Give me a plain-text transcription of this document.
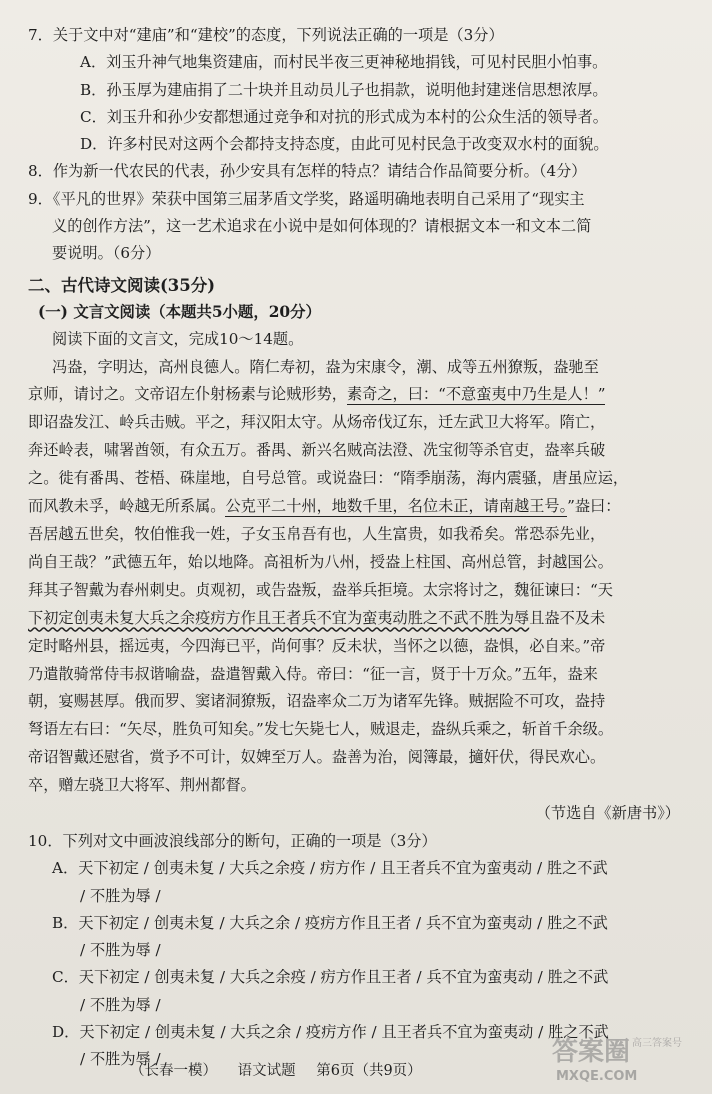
7．关于文中对“建庙”和“建校”的态度，下列说法正确的一项是（3分）
A．刘玉升神气地集资建庙，而村民半夜三更神秘地捐钱，可见村民胆小怕事。
B．孙玉厚为建庙捐了二十块并且动员儿子也捐款，说明他封建迷信思想浓厚。
C．刘玉升和孙少安都想通过竞争和对抗的形式成为本村的公众生活的领导者。
D．许多村民对这两个会都持支持态度，由此可见村民急于改变双水村的面貌。
8．作为新一代农民的代表，孙少安具有怎样的特点？请结合作品简要分析。（4分）
9．《平凡的世界》荣获中国第三届茅盾文学奖，路遥明确地表明自己采用了“现实主
义的创作方法”，这一艺术追求在小说中是如何体现的？请根据文本一和文本二简
要说明。（6分）
二、古代诗文阅读(35分)
(一) 文言文阅读（本题共5小题，20分）
阅读下面的文言文，完成10～14题。
冯盎，字明达，高州良德人。隋仁寿初，盎为宋康令，潮、成等五州獠叛，盎驰至
京师，请讨之。文帝诏左仆射杨素与论贼形势，素奇之，曰：“不意蛮夷中乃生是人！”
即诏盎发江、岭兵击贼。平之，拜汉阳太守。从炀帝伐辽东，迁左武卫大将军。隋亡，
奔还岭表，啸署酋领，有众五万。番禺、新兴名贼高法澄、冼宝彻等杀官吏，盎率兵破
之。徙有番禺、苍梧、硃崖地，自号总管。或说盎曰：“隋季崩荡，海内震骚，唐虽应运，
而风教未孚，岭越无所系属。公克平二十州，地数千里，名位未正，请南越王号。”盎曰：
吾居越五世矣，牧伯惟我一姓，子女玉帛吾有也，人生富贵，如我希矣。常恐忝先业，
尚自王哉？”武德五年，始以地降。高祖析为八州，授盎上柱国、高州总管，封越国公。
拜其子智戴为春州刺史。贞观初，或告盎叛，盎举兵拒境。太宗将讨之，魏征谏曰：“天
下初定创夷未复大兵之余疫疠方作且王者兵不宜为蛮夷动胜之不武不胜为辱且盎不及未
定时略州县，摇远夷，今四海已平，尚何事？反未状，当怀之以德，盎惧，必自来。”帝
乃遣散骑常侍韦叔谐喻盎，盎遣智戴入侍。帝曰：“征一言，贤于十万众。”五年，盎来
朝，宴赐甚厚。俄而罗、窦诸洞獠叛，诏盎率众二万为诸军先锋。贼据险不可攻，盎持
弩语左右曰：“矢尽，胜负可知矣。”发七矢毙七人，贼退走，盎纵兵乘之，斩首千余级。
帝诏智戴还慰省，赏予不可计，奴婢至万人。盎善为治，阅簿最，擿奸伏，得民欢心。
卒，赠左骁卫大将军、荆州都督。
（节选自《新唐书》）
10．下列对文中画波浪线部分的断句，正确的一项是（3分）
A．天下初定 / 创夷未复 / 大兵之余疫 / 疠方作 / 且王者兵不宜为蛮夷动 / 胜之不武
/ 不胜为辱 /
B．天下初定 / 创夷未复 / 大兵之余 / 疫疠方作且王者 / 兵不宜为蛮夷动 / 胜之不武
/ 不胜为辱 /
C．天下初定 / 创夷未复 / 大兵之余疫 / 疠方作且王者 / 兵不宜为蛮夷动 / 胜之不武
/ 不胜为辱 /
D．天下初定 / 创夷未复 / 大兵之余 / 疫疠方作 / 且王者兵不宜为蛮夷动 / 胜之不武
/ 不胜为辱 /
（长春一模） 语文试题 第6页（共9页）
答案圈 高三答案号
MXQE.COM
